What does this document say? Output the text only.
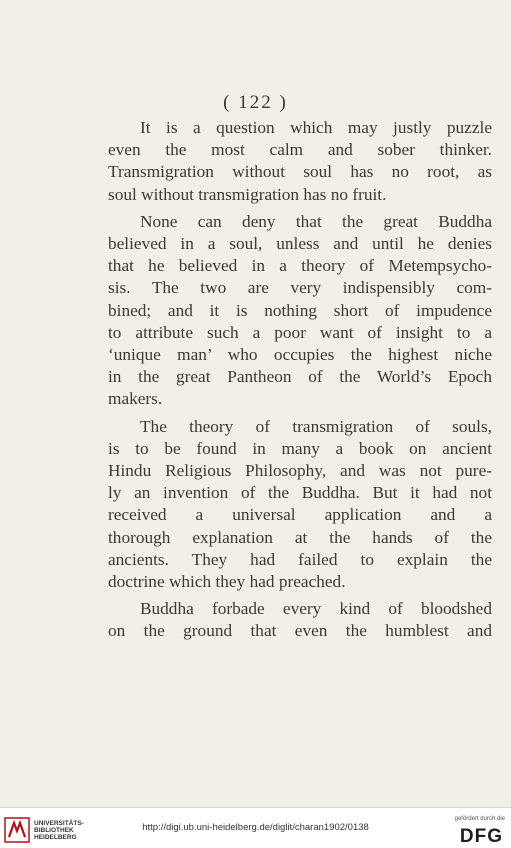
( 122 )
It is a question which may justly puzzle
even the most calm and sober thinker.
Transmigration without soul has no root, as
soul without transmigration has no fruit.
None can deny that the great Buddha
believed in a soul, unless and until he denies
that he believed in a theory of Metempsycho-
sis. The two are very indispensibly com-
bined; and it is nothing short of impudence
to attribute such a poor want of insight to a
‘unique man’ who occupies the highest niche
in the great Pantheon of the World’s Epoch
makers.
The theory of transmigration of souls,
is to be found in many a book on ancient
Hindu Religious Philosophy, and was not pure-
ly an invention of the Buddha. But it had not
received a universal application and a
thorough explanation at the hands of the
ancients. They had failed to explain the
doctrine which they had preached.
Buddha forbade every kind of bloodshed
on the ground that even the humblest and
UNIVERSITÄTS-
BIBLIOTHEK
HEIDELBERG
http://digi.ub.uni-heidelberg.de/diglit/charan1902/0138
gefördert durch die
DFG
